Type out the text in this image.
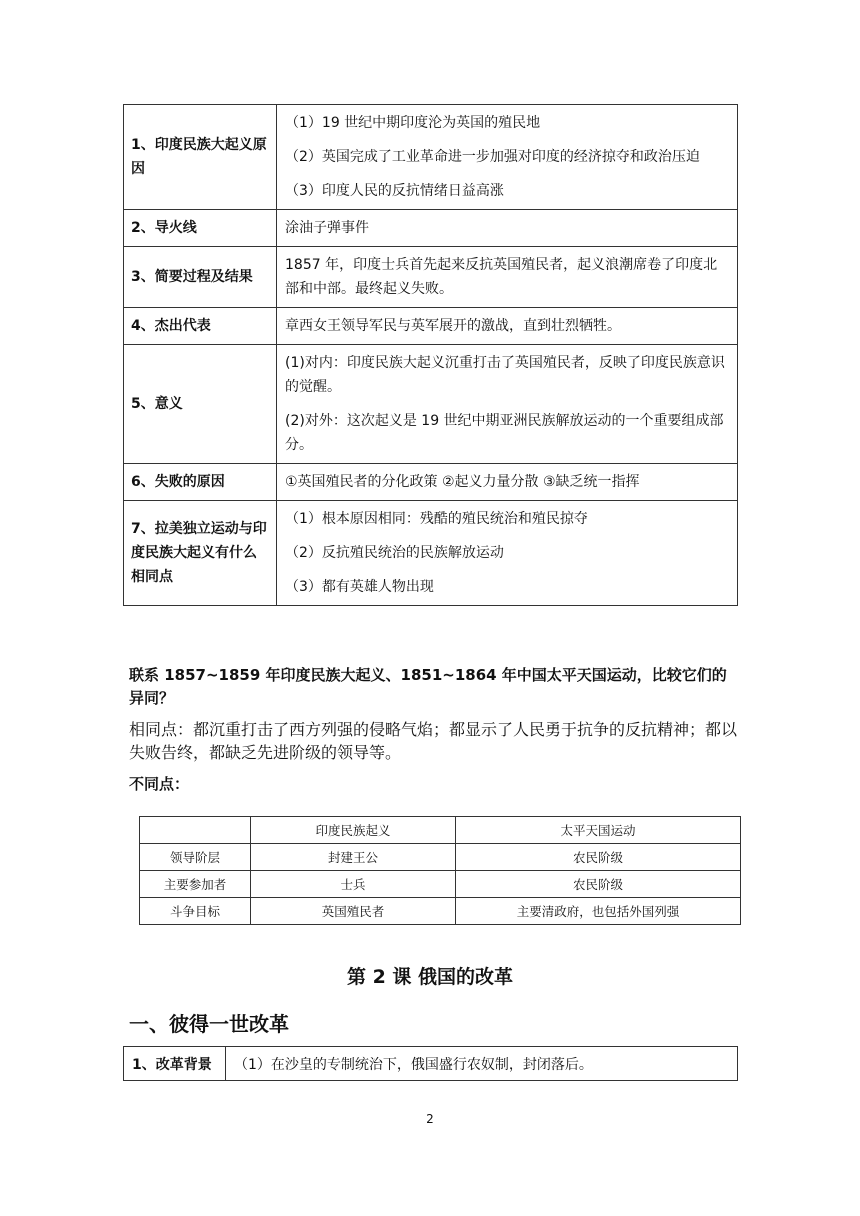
1、印度民族大起义原因	（1）19 世纪中期印度沦为英国的殖民地

（2）英国完成了工业革命进一步加强对印度的经济掠夺和政治压迫

（3）印度人民的反抗情绪日益高涨

2、导火线	涂油子弹事件

3、简要过程及结果	1857 年，印度士兵首先起来反抗英国殖民者，起义浪潮席卷了印度北部和中部。最终起义失败。

4、杰出代表	章西女王领导军民与英军展开的激战，直到壮烈牺牲。

5、意义	(1)对内：印度民族大起义沉重打击了英国殖民者，反映了印度民族意识的觉醒。

(2)对外：这次起义是 19 世纪中期亚洲民族解放运动的一个重要组成部分。

6、失败的原因	①英国殖民者的分化政策 ②起义力量分散 ③缺乏统一指挥

7、拉美独立运动与印度民族大起义有什么相同点	（1）根本原因相同：残酷的殖民统治和殖民掠夺

（2）反抗殖民统治的民族解放运动

（3）都有英雄人物出现

联系 1857~1859 年印度民族大起义、1851~1864 年中国太平天国运动，比较它们的异同？
相同点：都沉重打击了西方列强的侵略气焰；都显示了人民勇于抗争的反抗精神；都以失败告终，都缺乏先进阶级的领导等。
不同点：
	印度民族起义	太平天国运动
领导阶层	封建王公	农民阶级
主要参加者	士兵	农民阶级
斗争目标	英国殖民者	主要清政府，也包括外国列强
第 2 课 俄国的改革
一、彼得一世改革
1、改革背景	（1）在沙皇的专制统治下，俄国盛行农奴制，封闭落后。
2
